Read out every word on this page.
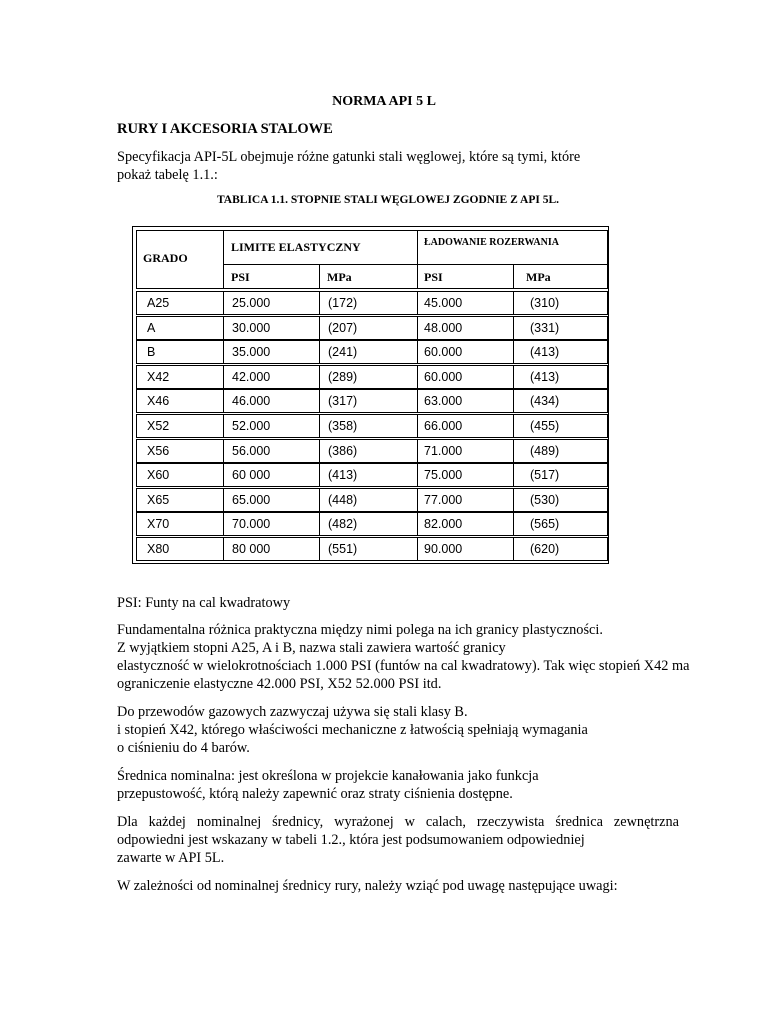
NORMA API 5 L
RURY I AKCESORIA STALOWE

Specyfikacja API-5L obejmuje różne gatunki stali węglowej, które są tymi, które

pokaż tabelę 1.1.:

TABLICA 1.1. STOPNIE STALI WĘGLOWEJ ZGODNIE Z API 5L.
GRADO
LIMITE ELASTYCZNY	ŁADOWANIE ROZERWANIA
PSI	MPa	PSI	MPa
A25	25.000	(172)	45.000	(310)
A	30.000	(207)	48.000	(331)
B	35.000	(241)	60.000	(413)
X42	42.000	(289)	60.000	(413)
X46	46.000	(317)	63.000	(434)
X52	52.000	(358)	66.000	(455)
X56	56.000	(386)	71.000	(489)
X60	60 000	(413)	75.000	(517)
X65	65.000	(448)	77.000	(530)
X70	70.000	(482)	82.000	(565)
X80	80 000	(551)	90.000	(620)

PSI: Funty na cal kwadratowy

Fundamentalna różnica praktyczna między nimi polega na ich granicy plastyczności.

Z wyjątkiem stopni A25, A i B, nazwa stali zawiera wartość granicy

elastyczność w wielokrotnościach 1.000 PSI (funtów na cal kwadratowy). Tak więc stopień X42 ma

ograniczenie elastyczne 42.000 PSI, X52 52.000 PSI itd.

Do przewodów gazowych zazwyczaj używa się stali klasy B.

i stopień X42, którego właściwości mechaniczne z łatwością spełniają wymagania

o ciśnieniu do 4 barów.

Średnica nominalna: jest określona w projekcie kanałowania jako funkcja

przepustowość, którą należy zapewnić oraz straty ciśnienia dostępne.

Dla każdej nominalnej średnicy, wyrażonej w calach, rzeczywista średnica zewnętrzna

odpowiedni jest wskazany w tabeli 1.2., która jest podsumowaniem odpowiedniej

zawarte w API 5L.

W zależności od nominalnej średnicy rury, należy wziąć pod uwagę następujące uwagi:
